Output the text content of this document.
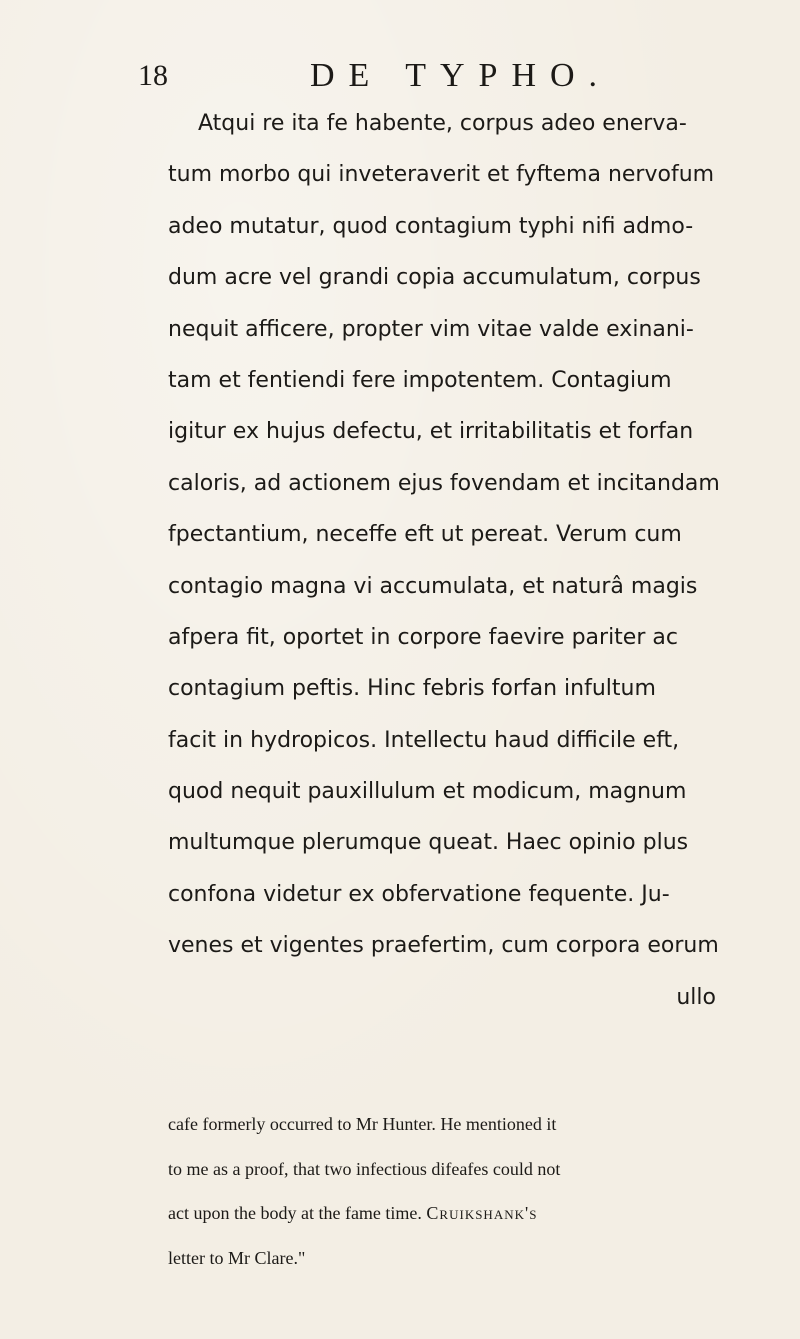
18	DE TYPHO.
Atqui re ita fe habente, corpus adeo enerva-
tum morbo qui inveteraverit et fyftema nervofum
adeo mutatur, quod contagium typhi nifi admo-
dum acre vel grandi copia accumulatum, corpus
nequit afficere, propter vim vitae valde exinani-
tam et fentiendi fere impotentem. Contagium
igitur ex hujus defectu, et irritabilitatis et forfan
caloris, ad actionem ejus fovendam et incitandam
fpectantium, neceffe eft ut pereat. Verum cum
contagio magna vi accumulata, et naturâ magis
afpera fit, oportet in corpore faevire pariter ac
contagium peftis. Hinc febris forfan infultum
facit in hydropicos. Intellectu haud difficile eft,
quod nequit pauxillulum et modicum, magnum
multumque plerumque queat. Haec opinio plus
confona videtur ex obfervatione fequente. Ju-
venes et vigentes praefertim, cum corpora eorum
ullo
cafe formerly occurred to Mr Hunter. He mentioned it
to me as a proof, that two infectious difeafes could not
act upon the body at the fame time. Cruikshank's
letter to Mr Clare."
